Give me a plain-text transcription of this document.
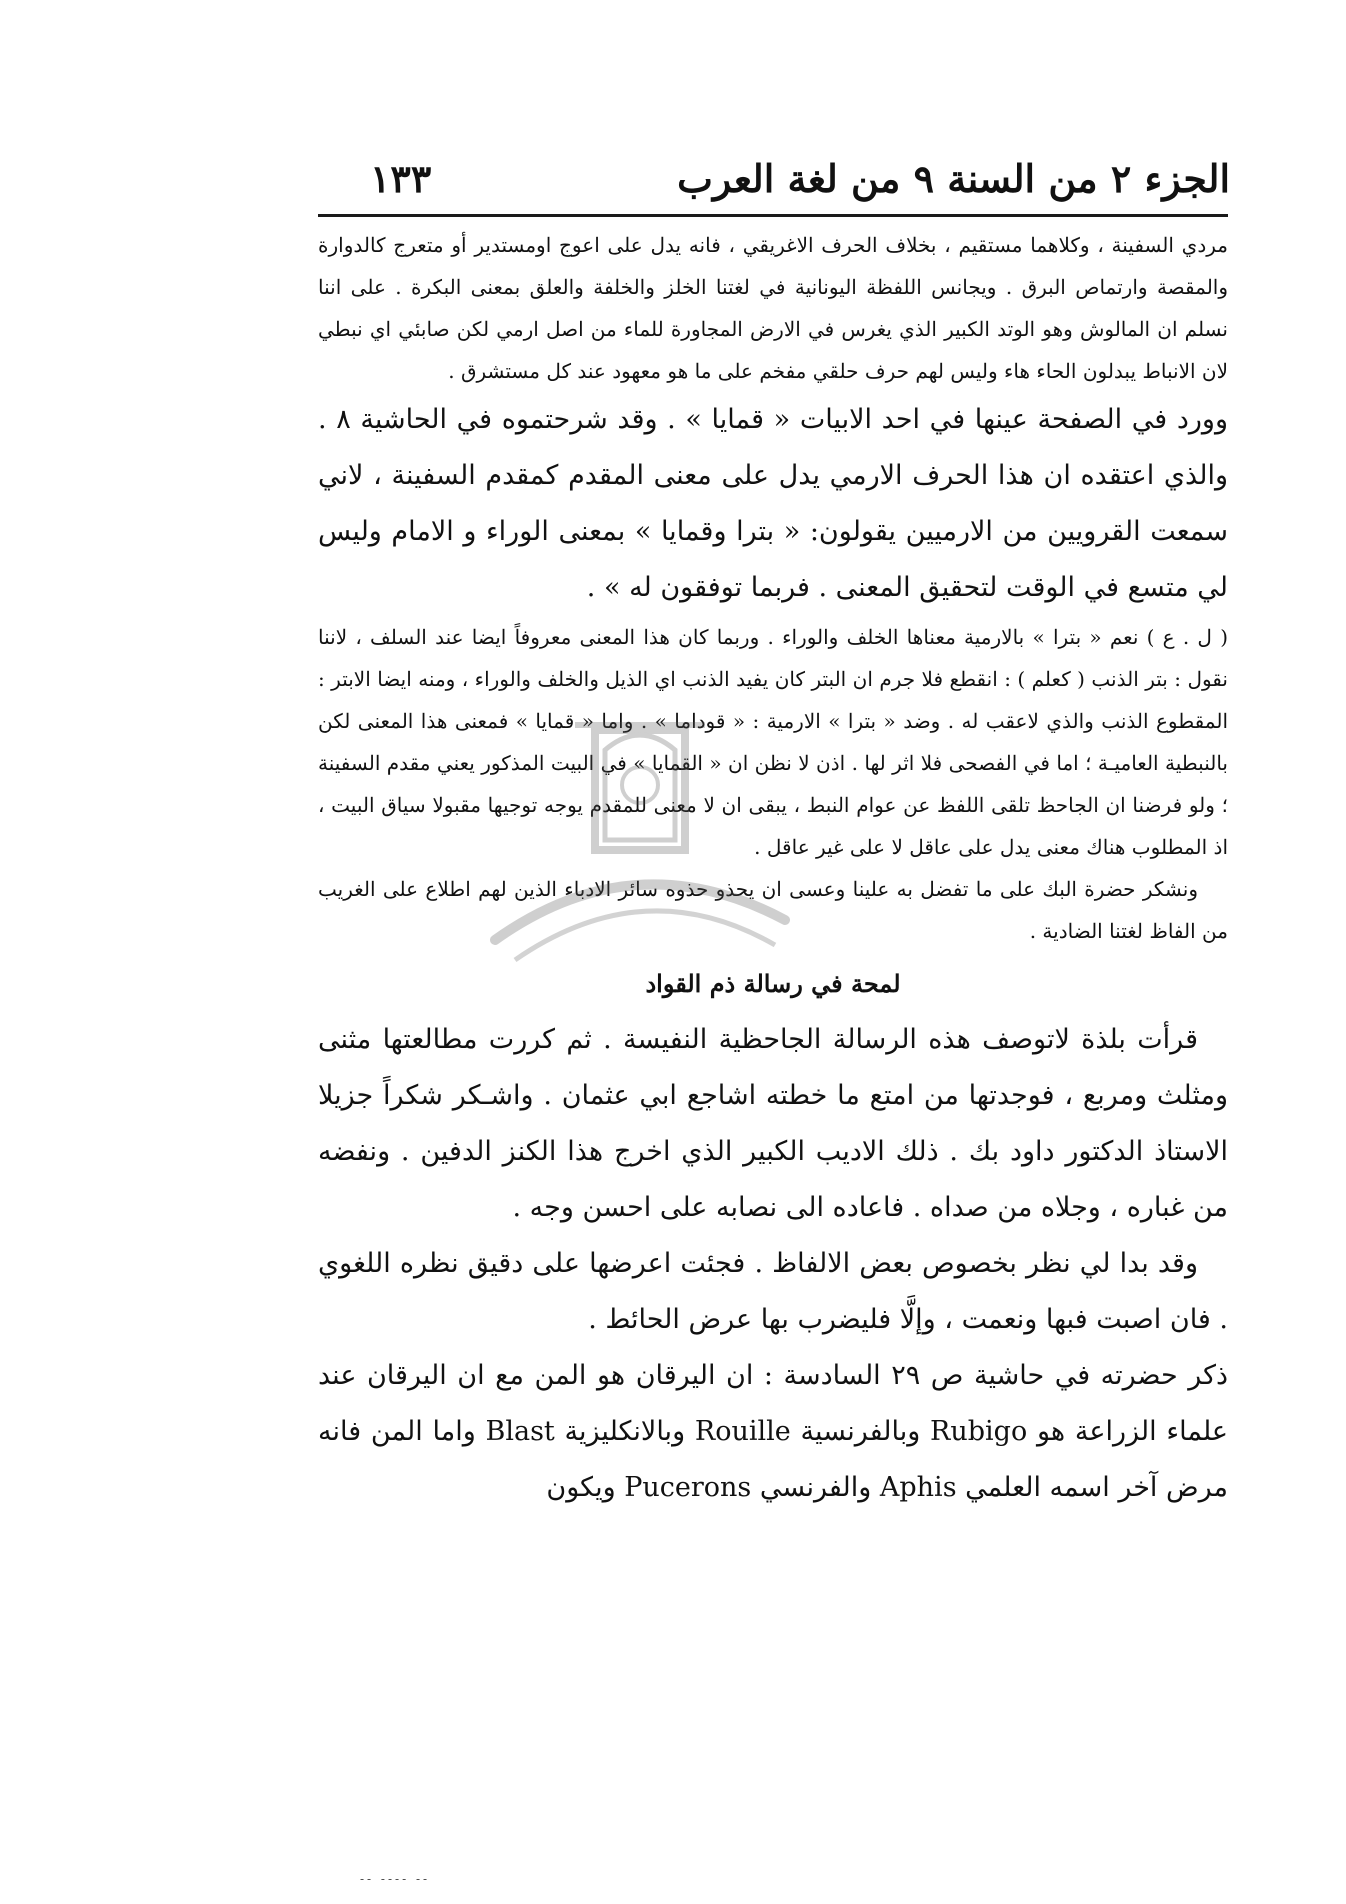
الجزء ٢ من السنة ٩ من لغة العرب
١٣٣

مردي السفينة ، وكلاهما مستقيم ، بخلاف الحرف الاغريقي ، فانه يدل على اعوج اومستدير أو متعرج كالدوارة والمقصة وارتماص البرق . ويجانس اللفظة اليونانية في لغتنا الخلز والخلفة والعلق بمعنى البكرة . على اننا نسلم ان المالوش وهو الوتد الكبير الذي يغرس في الارض المجاورة للماء من اصل ارمي لكن صابئي اي نبطي لان الانباط يبدلون الحاء هاء وليس لهم حرف حلقي مفخم على ما هو معهود عند كل مستشرق .

وورد في الصفحة عينها في احد الابيات « قمايا » . وقد شرحتموه في الحاشية ٨ . والذي اعتقده ان هذا الحرف الارمي يدل على معنى المقدم كمقدم السفينة ، لاني سمعت القرويين من الارميين يقولون: « بترا وقمايا » بمعنى الوراء و الامام وليس لي متسع في الوقت لتحقيق المعنى . فربما توفقون له » .

( ل . ع ) نعم « بترا » بالارمية معناها الخلف والوراء . وربما كان هذا المعنى معروفاً ايضا عند السلف ، لاننا نقول : بتر الذنب ( كعلم ) : انقطع فلا جرم ان البتر كان يفيد الذنب اي الذيل والخلف والوراء ، ومنه ايضا الابتر : المقطوع الذنب والذي لاعقب له . وضد « بترا » الارمية : « قوداما » . واما « قمايا » فمعنى هذا المعنى لكن بالنبطية العاميـة ؛ اما في الفصحى فلا اثر لها . اذن لا نظن ان « القمايا » في البيت المذكور يعني مقدم السفينة ؛ ولو فرضنا ان الجاحظ تلقى اللفظ عن عوام النبط ، يبقى ان لا معنى للمقدم يوجه توجيها مقبولا سياق البيت ، اذ المطلوب هناك معنى يدل على عاقل لا على غير عاقل .

ونشكر حضرة البك على ما تفضل به علينا وعسى ان يحذو حذوه سائر الادباء الذين لهم اطلاع على الغريب من الفاظ لغتنا الضادية .

لمحة في رسالة ذم القواد

قرأت بلذة لاتوصف هذه الرسالة الجاحظية النفيسة . ثم كررت مطالعتها مثنى ومثلث ومربع ، فوجدتها من امتع ما خطته اشاجع ابي عثمان . واشـكر شكراً جزيلا الاستاذ الدكتور داود بك . ذلك الاديب الكبير الذي اخرج هذا الكنز الدفين . ونفضه من غباره ، وجلاه من صداه . فاعاده الى نصابه على احسن وجه .

وقد بدا لي نظر بخصوص بعض الالفاظ . فجئت اعرضها على دقيق نظره اللغوي . فان اصبت فبها ونعمت ، وإلَّا فليضرب بها عرض الحائط .

ذكر حضرته في حاشية ص ٢٩ السادسة : ان اليرقان هو المن مع ان اليرقان عند علماء الزراعة هو Rubigo وبالفرنسية Rouille وبالانكليزية Blast واما المن فانه مرض آخر اسمه العلمي Aphis والفرنسي Pucerons ويكون

-- ---- --
